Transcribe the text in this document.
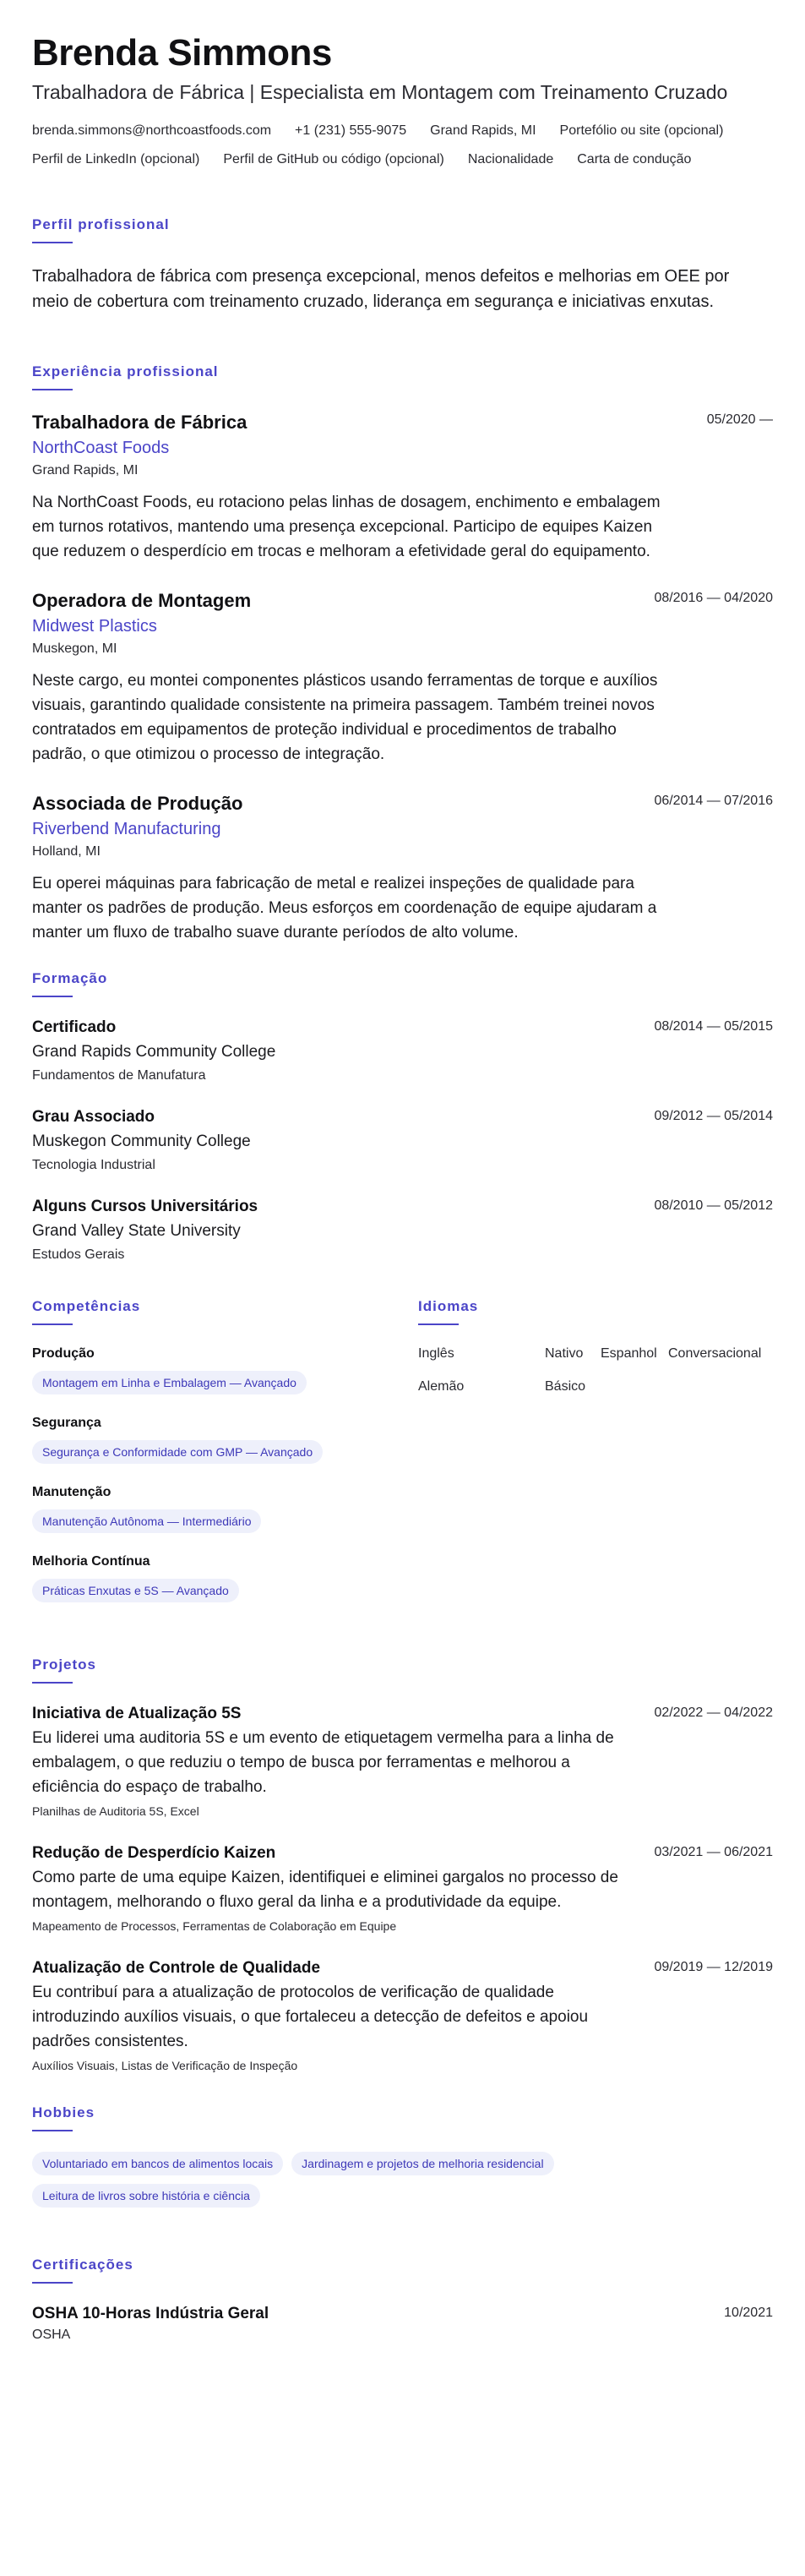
Brenda Simmons
Trabalhadora de Fábrica | Especialista em Montagem com Treinamento Cruzado
brenda.simmons@northcoastfoods.com +1 (231) 555-9075 Grand Rapids, MI Portefólio ou site (opcional)
Perfil de LinkedIn (opcional) Perfil de GitHub ou código (opcional) Nacionalidade Carta de condução
Perfil profissional

Trabalhadora de fábrica com presença excepcional, menos defeitos e melhorias em OEE por meio de cobertura com treinamento cruzado, liderança em segurança e iniciativas enxutas.

Experiência profissional
Trabalhadora de Fábrica	05/2020 —
NorthCoast Foods
Grand Rapids, MI

Na NorthCoast Foods, eu rotaciono pelas linhas de dosagem, enchimento e embalagem em turnos rotativos, mantendo uma presença excepcional. Participo de equipes Kaizen que reduzem o desperdício em trocas e melhoram a efetividade geral do equipamento.

Operadora de Montagem	08/2016 — 04/2020
Midwest Plastics
Muskegon, MI

Neste cargo, eu montei componentes plásticos usando ferramentas de torque e auxílios visuais, garantindo qualidade consistente na primeira passagem. Também treinei novos contratados em equipamentos de proteção individual e procedimentos de trabalho padrão, o que otimizou o processo de integração.

Associada de Produção	06/2014 — 07/2016
Riverbend Manufacturing
Holland, MI

Eu operei máquinas para fabricação de metal e realizei inspeções de qualidade para manter os padrões de produção. Meus esforços em coordenação de equipe ajudaram a manter um fluxo de trabalho suave durante períodos de alto volume.

Formação
Certificado	08/2014 — 05/2015
Grand Rapids Community College
Fundamentos de Manufatura
Grau Associado	09/2012 — 05/2014
Muskegon Community College
Tecnologia Industrial
Alguns Cursos Universitários	08/2010 — 05/2012
Grand Valley State University
Estudos Gerais
Competências
Produção
Montagem em Linha e Embalagem — Avançado
Segurança
Segurança e Conformidade com GMP — Avançado
Manutenção
Manutenção Autônoma — Intermediário
Melhoria Contínua
Práticas Enxutas e 5S — Avançado
Idiomas
Inglês	Nativo	Espanhol Conversacional
Alemão	Básico
Projetos
Iniciativa de Atualização 5S	02/2022 — 04/2022

Eu liderei uma auditoria 5S e um evento de etiquetagem vermelha para a linha de embalagem, o que reduziu o tempo de busca por ferramentas e melhorou a eficiência do espaço de trabalho.

Planilhas de Auditoria 5S, Excel
Redução de Desperdício Kaizen	03/2021 — 06/2021

Como parte de uma equipe Kaizen, identifiquei e eliminei gargalos no processo de montagem, melhorando o fluxo geral da linha e a produtividade da equipe.

Mapeamento de Processos, Ferramentas de Colaboração em Equipe
Atualização de Controle de Qualidade	09/2019 — 12/2019

Eu contribuí para a atualização de protocolos de verificação de qualidade introduzindo auxílios visuais, o que fortaleceu a detecção de defeitos e apoiou padrões consistentes.

Auxílios Visuais, Listas de Verificação de Inspeção
Hobbies
Voluntariado em bancos de alimentos locais	Jardinagem e projetos de melhoria residencial
Leitura de livros sobre história e ciência
Certificações
OSHA 10-Horas Indústria Geral	10/2021
OSHA
